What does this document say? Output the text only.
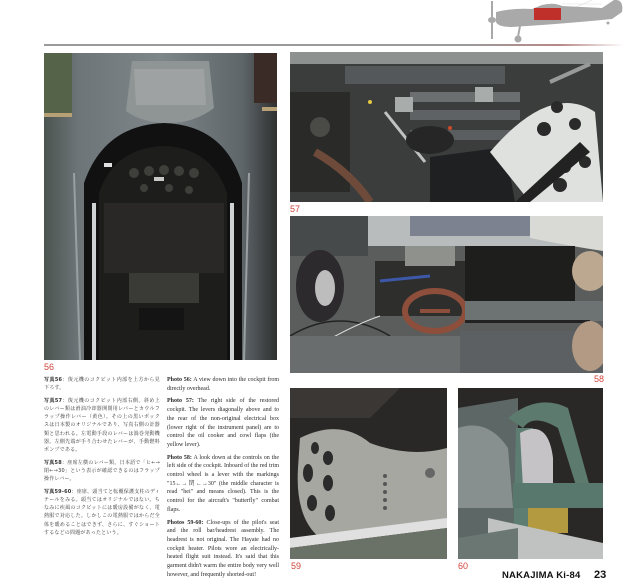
56
57
58
59	60

写真56：復元機のコクピット内部を上方から見下ろす。

写真57：復元機のコクピット内部右側。斜め上のレバー類は滑油冷却器開閉用レバーとカウルフラップ操作レバー（黄色）。その上の黒いボックスは日本製のオリジナルであり、写真右側の計器類と思われる。左電動手段のレバーは渦巻発動機器。左側先端が手り合わせたレバーが、手動燃料ポンプである。

写真58：座席左横のレバー類。日本語で「ヒ←→閉←→30」という表示が確認できるのはフラップ操作レバー。

写真59-60：座席、頭当てと転覆保護支柱のディテールをみる。頭当てはオリジナルではない。ちなみに疾風のコクピットには暖房設備がなく、電熱服で対応した。しかしこの電熱服ではからだ全体を暖めることはできず、さらに、すぐショートするなどの問題があったという。

Photo 56: A view down into the cockpit from directly overhead.

Photo 57: The right side of the restored cockpit. The levers diagonally above and to the rear of the non-original electrical box (lower right of the instrument panel) are to control the oil cooker and cowl flaps (the yellow lever).

Photo 58: A look down at the controls on the left side of the cockpit. Inboard of the red trim control wheel is a lever with the markings "15←→閉←→30" (the middle character is read "hei" and means closed). This is the control for the aircraft's "butterfly" combat flaps.

Photos 59-60: Close-ups of the pilot's seat and the roll bar/headrest assembly. The headrest is not original. The Hayate had no cockpit heater. Pilots wore an electrically-heated flight suit instead. It's said that this garment didn't warm the entire body very well however, and frequently shorted-out!	NAKAJIMA Ki-84 23
